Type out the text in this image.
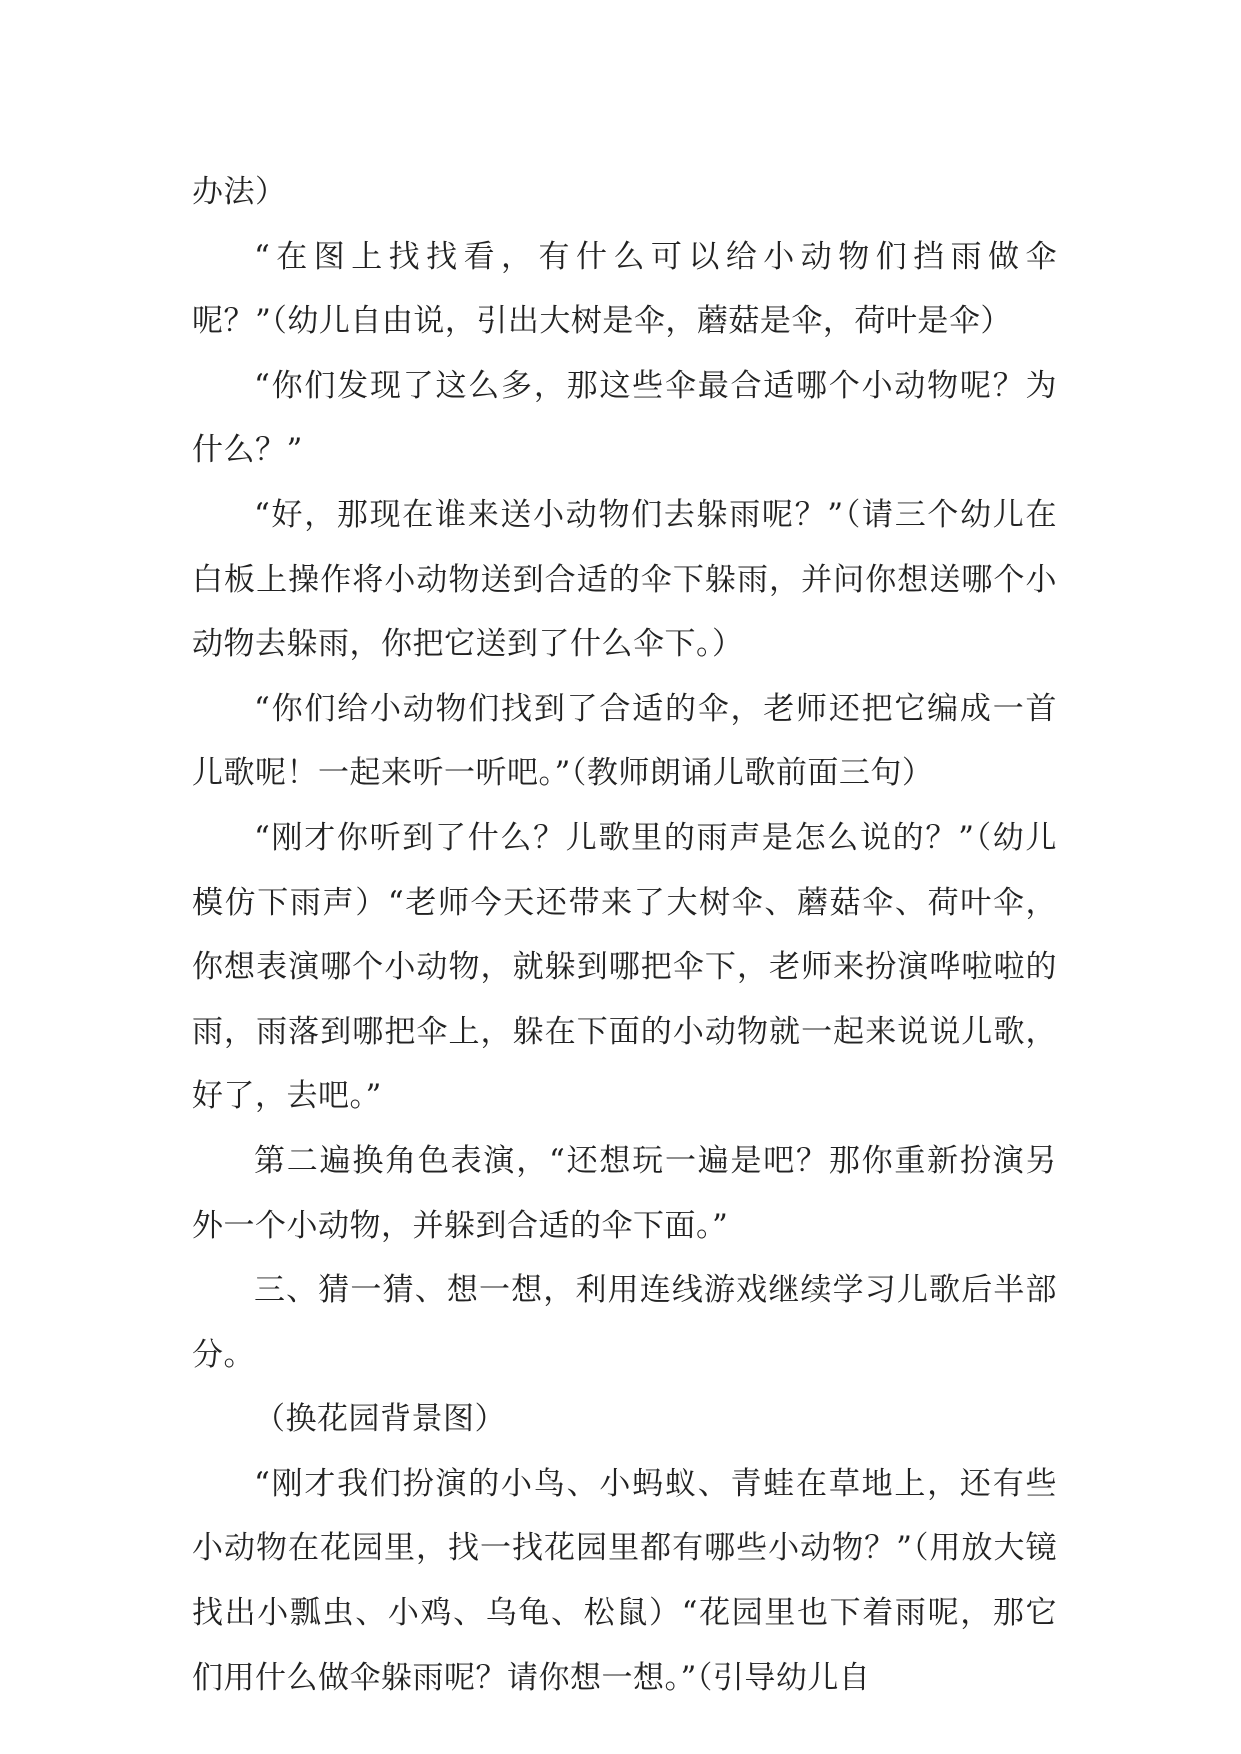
办法）

“在图上找找看，有什么可以给小动物们挡雨做伞呢？”（幼儿自由说，引出大树是伞，蘑菇是伞，荷叶是伞）

“你们发现了这么多，那这些伞最合适哪个小动物呢？为什么？”

“好，那现在谁来送小动物们去躲雨呢？”（请三个幼儿在白板上操作将小动物送到合适的伞下躲雨，并问你想送哪个小动物去躲雨，你把它送到了什么伞下。）

“你们给小动物们找到了合适的伞，老师还把它编成一首儿歌呢！一起来听一听吧。”（教师朗诵儿歌前面三句）

“刚才你听到了什么？儿歌里的雨声是怎么说的？”（幼儿模仿下雨声）“老师今天还带来了大树伞、蘑菇伞、荷叶伞，你想表演哪个小动物，就躲到哪把伞下，老师来扮演哗啦啦的雨，雨落到哪把伞上，躲在下面的小动物就一起来说说儿歌，好了，去吧。”

第二遍换角色表演，“还想玩一遍是吧？那你重新扮演另外一个小动物，并躲到合适的伞下面。”

三、猜一猜、想一想，利用连线游戏继续学习儿歌后半部分。

（换花园背景图）

“刚才我们扮演的小鸟、小蚂蚁、青蛙在草地上，还有些小动物在花园里，找一找花园里都有哪些小动物？”（用放大镜找出小瓢虫、小鸡、乌龟、松鼠）“花园里也下着雨呢，那它们用什么做伞躲雨呢？请你想一想。”（引导幼儿自
